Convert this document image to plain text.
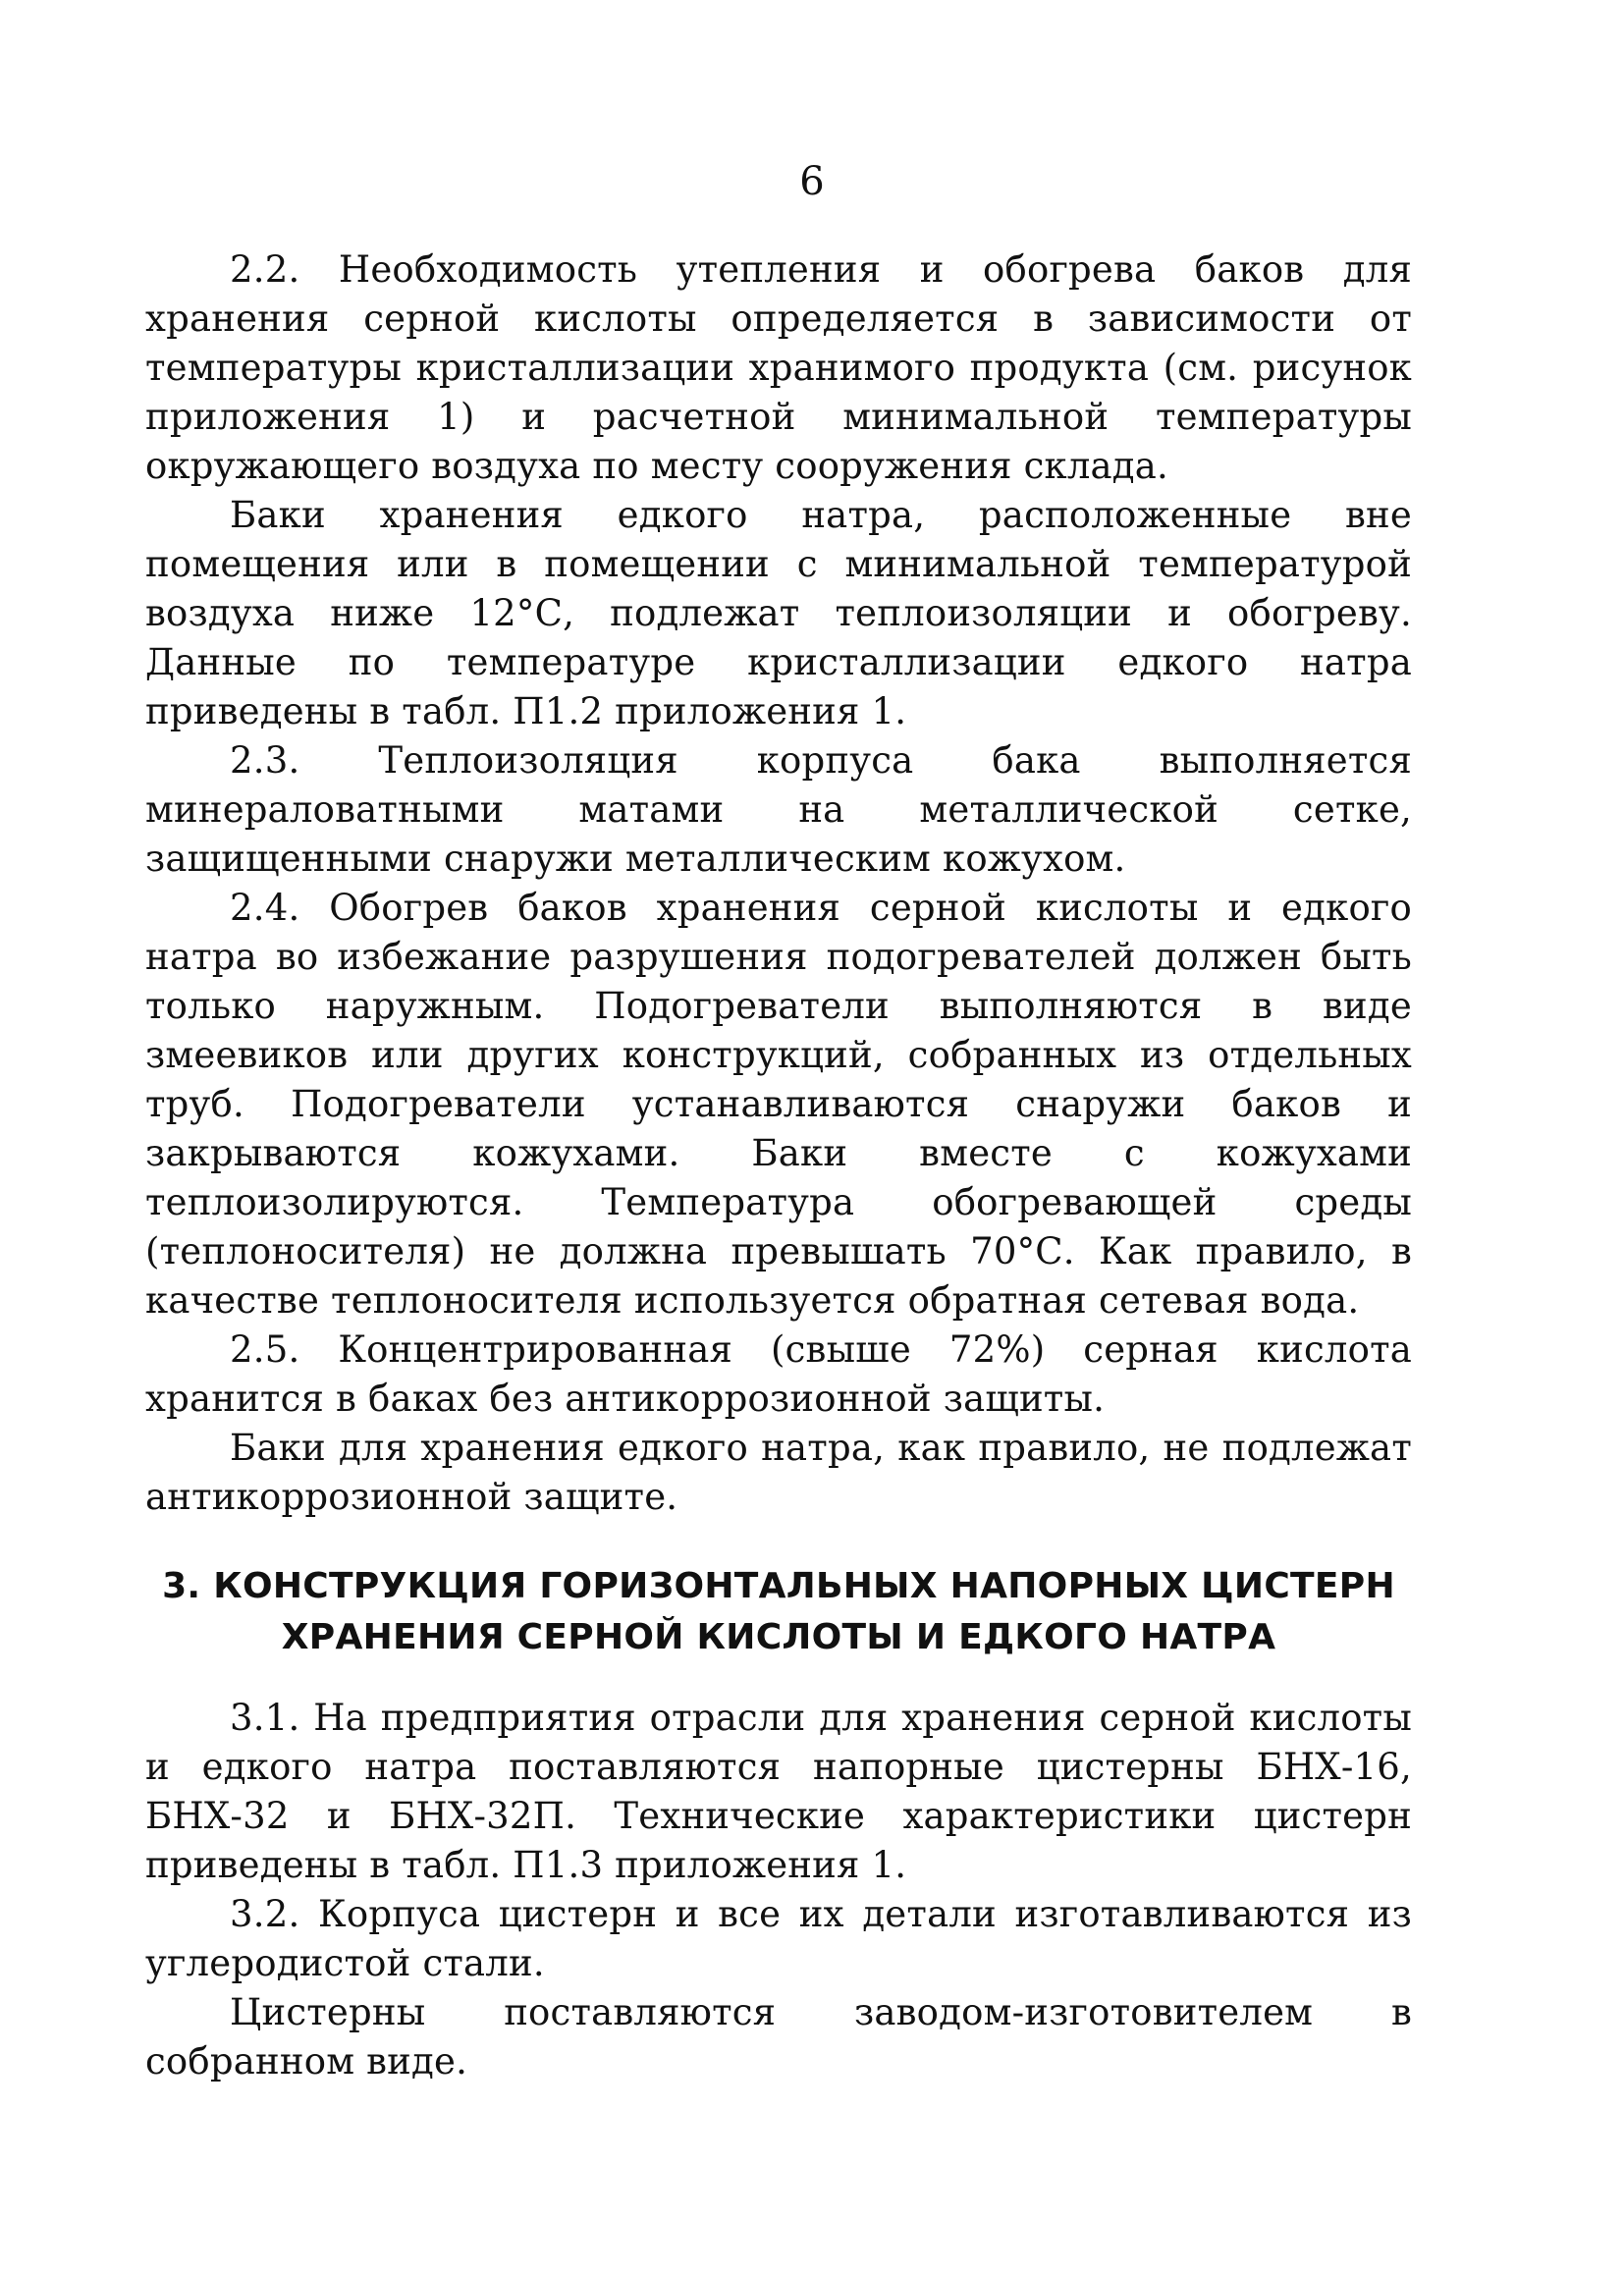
6

2.2. Необходимость утепления и обогрева баков для хранения серной кислоты определяется в зависимости от температуры кристаллизации хранимого продукта (см. рисунок приложения 1) и расчетной минимальной температуры окружающего воздуха по месту сооружения склада.

Баки хранения едкого натра, расположенные вне помещения или в помещении с минимальной температурой воздуха ниже 12°С, подлежат теплоизоляции и обогреву. Данные по температуре кристаллизации едкого натра приведены в табл. П1.2 приложения 1.

2.3. Теплоизоляция корпуса бака выполняется минераловатными матами на металлической сетке, защищенными снаружи металлическим кожухом.

2.4. Обогрев баков хранения серной кислоты и едкого натра во избежание разрушения подогревателей должен быть только наружным. Подогреватели выполняются в виде змеевиков или других конструкций, собранных из отдельных труб. Подогреватели устанавливаются снаружи баков и закрываются кожухами. Баки вместе с кожухами теплоизолируются. Температура обогревающей среды (теплоносителя) не должна превышать 70°С. Как правило, в качестве теплоносителя используется обратная сетевая вода.

2.5. Концентрированная (свыше 72%) серная кислота хранится в баках без антикоррозионной защиты.

Баки для хранения едкого натра, как правило, не подлежат антикоррозионной защите.

3. КОНСТРУКЦИЯ ГОРИЗОНТАЛЬНЫХ НАПОРНЫХ ЦИСТЕРН
ХРАНЕНИЯ СЕРНОЙ КИСЛОТЫ И ЕДКОГО НАТРА

3.1. На предприятия отрасли для хранения серной кислоты и едкого натра поставляются напорные цистерны БНХ-16, БНХ-32 и БНХ-32П. Технические характеристики цистерн приведены в табл. П1.3 приложения 1.

3.2. Корпуса цистерн и все их детали изготавливаются из углеродистой стали.

Цистерны поставляются заводом-изготовителем в собранном виде.
